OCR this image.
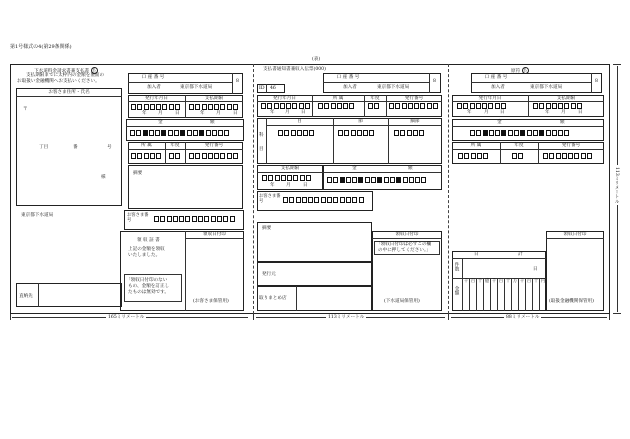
第1号様式の4(第29条関係)
(表)
下水道料金請求書兼支払書 払
支払期限までに太枠内の金額を裏面の
お取扱い金融機関へお支払いください。
お客さま住所・氏名
〒
丁目	番	号
様
東京都下水道局
直納先
口 座 番 号
8
加入者	東京都下水道局
発行年月日	支払期限
年 月	日	年 月	日
金	額
所 属	年度	発行番号
摘要
お客さま番号
領 収 証 書
上記の金額を領収
いたしました。
領収日付印
「領収日付印のない
もの、金額を訂正し
たものは無効です。
(お客さま保管用)
支払書通知書兼収入伝票(000)
口 座 番 号
8
加入者	東京都下水道局
ID 46
発行年月日	所 属	年度	発行番号
年 月 日
科
目
目	節	細節
支払期限
年 月	日
金	額
お客さま番号
摘要
領収日付印
「領収日付印は必ずこの欄
の中に押してください。」
(下水道局保管用)
発行元
取りまとめ店
原符 払
口 座 番 号
8
加入者	東京都下水道局
発行年月日	支払期限
年	月 日	年 月	日
金	額
所 属	年度	発行番号
領収日付印
(取扱金融機関保管用)
日	計
件数	日
金額
千 百 十 億 千 百 十 万 千 百 十 円
165ミリメートル	113ミリメートル	88ミリメートル
113ミリメートル
